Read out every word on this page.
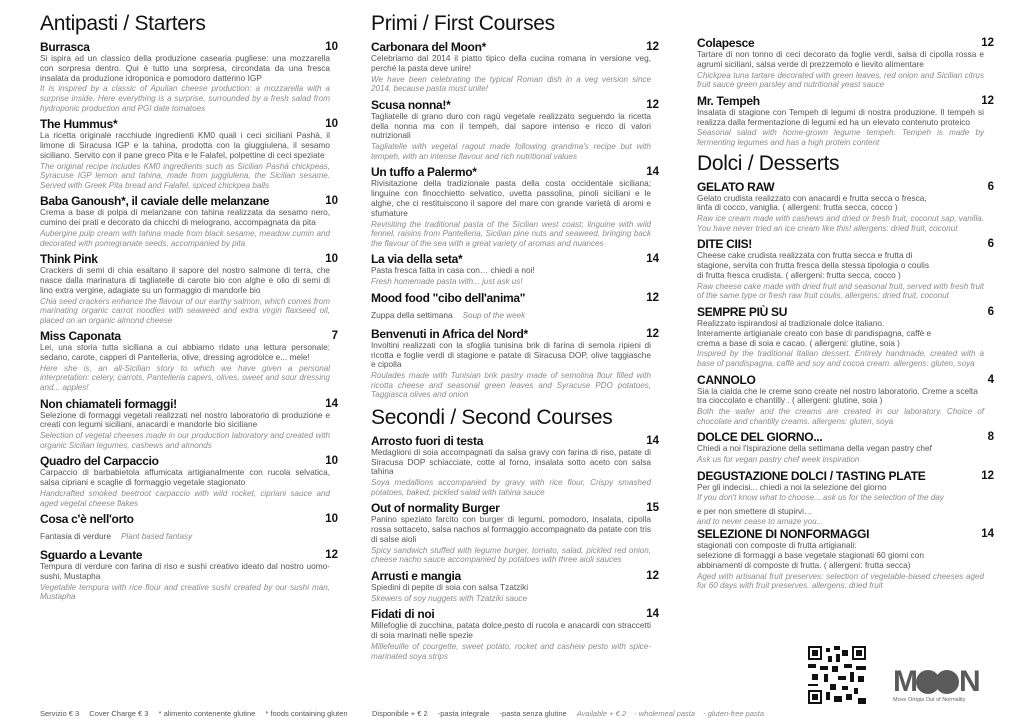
Antipasti / Starters
Burrasca	10
Si ispira ad un classico della produzione casearia pugliese: una mozzarella con sorpresa dentro. Qui è tutto una sorpresa, circondata da una fresca insalata da produzione idroponica e pomodoro datterino IGP
It is inspired by a classic of Apulian cheese production: a mozzarella with a surprise inside. Here everything is a surprise, surrounded by a fresh salad from hydroponic production and PGI date tomatoes
The Hummus*	10
La ricetta originale racchiude ingredienti KM0 quali i ceci siciliani Pashà, il limone di Siracusa IGP e la tahina, prodotta con la giuggiulena, il sesamo siciliano. Servito con il pane greco Pita e le Falafel, polpettine di ceci speziate
The original recipe includes KM0 ingredients such as Sicilian Pashà chickpeas, Syracuse IGP lemon and tahina, made from juggiulena, the Sicilian sesame. Served with Greek Pita bread and Falafel, spiced chickpea balls
Baba Ganoush*, il caviale delle melanzane	10
Crema a base di polpa di melanzane con tahina realizzata da sesamo nero, cumino dei prati e decorato da chicchi di melograno, accompagnata da pita
Aubergine pulp cream with tahina made from black sesame, meadow cumin and decorated with pomegranate seeds, accompanied by pita
Think Pink	10
Crackers di semi di chia esaltano il sapore del nostro salmone di terra, che nasce dalla marinatura di tagliatelle di carote bio con alghe e olio di semi di lino extra vergine, adagiate su un formaggio di mandorle bio
Chia seed crackers enhance the flavour of our earthy salmon, which comes from marinating organic carrot noodles with seaweed and extra virgin flaxseed oil, placed on an organic almond cheese
Miss Caponata	7
Lei, una storia tutta siciliana a cui abbiamo ridato una lettura personale: sedano, carote, capperi di Pantelleria, olive, dressing agrodolce e... mele!
Here she is, an all-Sicilian story to which we have given a personal interpretation: celery, carrots, Pantelleria capers, olives, sweet and sour dressing and... apples!
Non chiamateli formaggi!	14
Selezione di formaggi vegetali realizzati nel nostro laboratorio di produzione e creati con legumi siciliani, anacardi e mandorle bio siciliane
Selection of vegetal cheeses made in our production laboratory and created with organic Sicilian legumes, cashews and almonds
Quadro del Carpaccio	10
Carpaccio di barbabietola affumicata artigianalmente con rucola selvatica, salsa cipriani e scaglie di formaggio vegetale stagionato
Handcrafted smoked beetroot carpaccio with wild rocket, cipriani sauce and aged vegetal cheese flakes
Cosa c'è nell'orto	10
Fantasia di verdure Plant based fantasy
Sguardo a Levante	12
Tempura di verdure con farina di riso e sushi creativo ideato dal nostro uomo-sushi, Mustapha
Vegetable tempura with rice flour and creative sushi created by our sushi man, Mustapha
Primi / First Courses
Carbonara del Moon*	12
Celebriamo dal 2014 il piatto tipico della cucina romana in versione veg, perché la pasta deve unire!
We have been celebrating the typical Roman dish in a veg version since 2014, because pasta must unite!
Scusa nonna!*	12
Tagliatelle di grano duro con ragù vegetale realizzato seguendo la ricetta della nonna ma con il tempeh, dal sapore intenso e ricco di valori nutrizionali
Tagliatelle with vegetal ragout made following grandma's recipe but with tempeh, with an intense flavour and rich nutritional values
Un tuffo a Palermo*	14
Rivisitazione della tradizionale pasta della costa occidentale siciliana; linguine con finocchietto selvatico, uvetta passolina, pinoli siciliani e le alghe, che ci restituiscono il sapore del mare con grande varietà di aromi e sfumature
Revisiting the traditional pasta of the Sicilian west coast; linguine with wild fennel, raisins from Pantelleria, Sicilian pine nuts and seaweed, bringing back the flavour of the sea with a great variety of aromas and nuances
La via della seta*	14
Pasta fresca fatta in casa con… chiedi a noi!
Fresh homemade pasta with... just ask us!
Mood food "cibo dell'anima"	12
Zuppa della settimana Soup of the week
Benvenuti in Africa del Nord*	12
Involtini realizzati con la sfoglia tunisina brik di farina di semola ripieni di ricotta e foglie verdi di stagione e patate di Siracusa DOP, olive taggiasche e cipolla
Roulades made with Tunisian brik pastry made of semolina flour filled with ricotta cheese and seasonal green leaves and Syracuse PDO potatoes, Taggiasca olives and onion
Secondi / Second Courses
Arrosto fuori di testa	14
Medaglioni di soia accompagnati da salsa gravy con farina di riso, patate di Siracusa DOP schiacciate, cotte al forno, insalata sotto aceto con salsa tahina
Soya medallions accompanied by gravy with rice flour, Crispy smashed potatoes, baked, pickled salad with tahina sauce
Out of normality Burger	15
Panino speziato farcito con burger di legumi, pomodoro, insalata, cipolla rossa sottaceto, salsa nachos al formaggio accompagnato da patate con tris di salse aioli
Spicy sandwich stuffed with legume burger, tomato, salad, pickled red onion, cheese nacho sauce accompanied by potatoes with three aioli sauces
Arrusti e mangia	12
Spiedini di pepite di soia con salsa Tzatziki
Skewers of soy nuggets with Tzatziki sauce
Fidati di noi	14
Millefoglie di zucchina, patata dolce,pesto di rucola e anacardi con straccetti di soia marinati nelle spezie
Millefeuille of courgette, sweet potato, rocket and cashew pesto with spice-marinated soya strips
Colapesce	12
Tartare di non tonno di ceci decorato da foglie verdi, salsa di cipolla rossa e agrumi siciliani, salsa verde di prezzemolo e lievito alimentare
Chickpea tuna tartare decorated with green leaves, red onion and Sicilian citrus fruit sauce green parsley and nutritional yeast sauce
Mr. Tempeh	12
Insalata di stagione con Tempeh di legumi di nostra produzione. Il tempeh si realizza dalla fermentazione di legumi ed ha un elevato contenuto proteico
Seasonal salad with home-grown legume tempeh. Tempeh is made by fermenting legumes and has a high protein content
Dolci / Desserts
GELATO RAW	6
Gelato crudista realizzato con anacardi e frutta secca o fresca,
linfa di cocco, vaniglia. ( allergeni: frutta secca, cocco )
Raw ice cream made with cashews and dried or fresh fruit, coconut sap, vanilla. You have never tried an ice cream like this! allergens: dried fruit, coconut
DITE CIIS!	6
Cheese cake crudista realizzata con frutta secca e frutta di
stagione, servita con frutta fresca della stessa tipologia o coulis
di frutta fresca crudista. ( allergeni: frutta secca, cocco )
Raw cheese cake made with dried fruit and seasonal fruit, served with fresh fruit of the same type or fresh raw fruit coulis. allergens: dried fruit, coconut
SEMPRE PIÙ SU	6
Realizzato ispirandosi al tradizionale dolce italiano.
Interamente artigianale creato con base di pandispagna, caffè e
crema a base di soia e cacao. ( allergeni: glutine, soia )
Inspired by the traditional Italian dessert. Entirely handmade, created with a base of pandispagna, caffè and soy and cocoa cream. allergens: gluten, soya
CANNOLO	4
Sia la cialda che le creme sono create nel nostro laboratorio. Creme a scelta
tra cioccolato e chantilly . ( allergeni: glutine, soia )
Both the wafer and the creams are created in our laboratory. Choice of chocolate and chantilly creams. allergens: gluten, soya
DOLCE DEL GIORNO...	8
Chiedi a noi l'ispirazione della settimana della vegan pastry chef
Ask us for vegan pastry chef week inspiration
DEGUSTAZIONE DOLCI / TASTING PLATE	12
Per gli indecisi... chiedi a noi la selezione del giorno
If you don't know what to choose... ask us for the selection of the day
e per non smettere di stupirvi…
and to never cease to amaze you...
SELEZIONE DI NONFORMAGGI	14
stagionati con composte di frutta artigianali:
selezione di formaggi a base vegetale stagionati 60 giorni con
abbinamenti di composte di frutta. ( allergeni: frutta secca)
Aged with artisanal fruit preserves: selection of vegetable-based cheeses aged for 60 days with fruit preserves. allergens: dried fruit
Servizio € 3 Cover Charge € 3 * alimento contenente glutine * foods containing gluten	Disponibile + € 2 -pasta integrale -pasta senza glutine Available + € 2 - wholemeal pasta - gluten-free pasta
M N
Move Ortigia Out of Normality
